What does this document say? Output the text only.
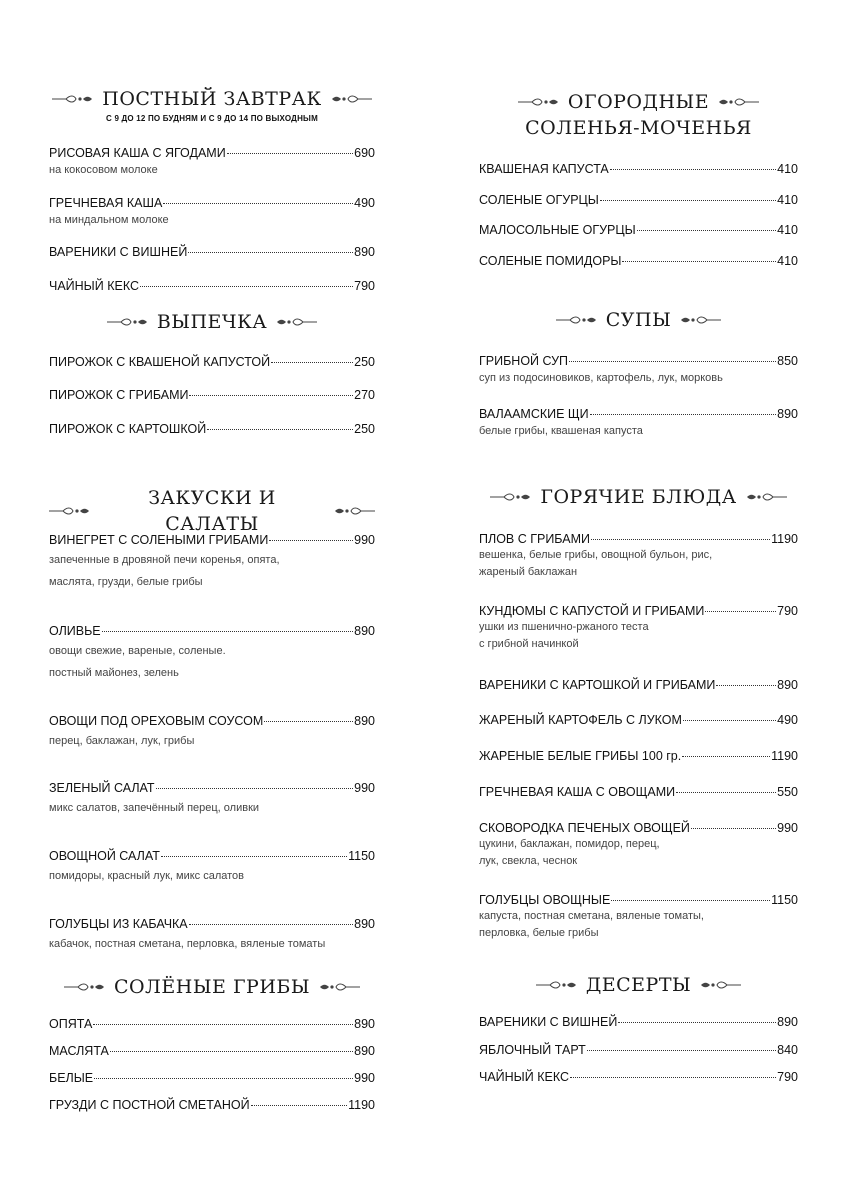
ПОСТНЫЙ ЗАВТРАК
С 9 ДО 12 ПО БУДНЯМ И С 9 ДО 14 ПО ВЫХОДНЫМ
РИСОВАЯ КАША С ЯГОДАМИ	690
на кокосовом молоке
ГРЕЧНЕВАЯ КАША	490
на миндальном молоке
ВАРЕНИКИ С ВИШНЕЙ	890
ЧАЙНЫЙ КЕКС	790
ВЫПЕЧКА
ПИРОЖОК С КВАШЕНОЙ КАПУСТОЙ	250
ПИРОЖОК С ГРИБАМИ	270
ПИРОЖОК С КАРТОШКОЙ	250
ЗАКУСКИ И САЛАТЫ
ВИНЕГРЕТ С СОЛЕНЫМИ ГРИБАМИ	990
запеченные в дровяной печи коренья, опята,
маслята, грузди, белые грибы
ОЛИВЬЕ	890
овощи свежие, вареные, соленые.
постный майонез, зелень
ОВОЩИ ПОД ОРЕХОВЫМ СОУСОМ	890
перец, баклажан, лук, грибы
ЗЕЛЕНЫЙ САЛАТ	990
микс салатов, запечённый перец, оливки
ОВОЩНОЙ САЛАТ	1150
помидоры, красный лук, микс салатов
ГОЛУБЦЫ ИЗ КАБАЧКА	890
кабачок, постная сметана, перловка, вяленые томаты
СОЛЁНЫЕ ГРИБЫ
ОПЯТА	890
МАСЛЯТА	890
БЕЛЫЕ	990
ГРУЗДИ С ПОСТНОЙ СМЕТАНОЙ	1190
ОГОРОДНЫЕ
СОЛЕНЬЯ-МОЧЕНЬЯ
КВАШЕНАЯ КАПУСТА	410
СОЛЕНЫЕ ОГУРЦЫ	410
МАЛОСОЛЬНЫЕ ОГУРЦЫ	410
СОЛЕНЫЕ ПОМИДОРЫ	410
СУПЫ
ГРИБНОЙ СУП	850
суп из подосиновиков, картофель, лук, морковь
ВАЛААМСКИЕ ЩИ	890
белые грибы, квашеная капуста
ГОРЯЧИЕ БЛЮДА
ПЛОВ С ГРИБАМИ	1190
вешенка, белые грибы, овощной бульон, рис,
жареный баклажан
КУНДЮМЫ С КАПУСТОЙ И ГРИБАМИ	790
ушки из пшенично-ржаного теста
с грибной начинкой
ВАРЕНИКИ С КАРТОШКОЙ И ГРИБАМИ	890
ЖАРЕНЫЙ КАРТОФЕЛЬ С ЛУКОМ	490
ЖАРЕНЫЕ БЕЛЫЕ ГРИБЫ 100 гр.	1190
ГРЕЧНЕВАЯ КАША С ОВОЩАМИ	550
СКОВОРОДКА ПЕЧЕНЫХ ОВОЩЕЙ	990
цукини, баклажан, помидор, перец,
лук, свекла, чеснок
ГОЛУБЦЫ ОВОЩНЫЕ	1150
капуста, постная сметана, вяленые томаты,
перловка, белые грибы
ДЕСЕРТЫ
ВАРЕНИКИ С ВИШНЕЙ	890
ЯБЛОЧНЫЙ ТАРТ	840
ЧАЙНЫЙ КЕКС	790
